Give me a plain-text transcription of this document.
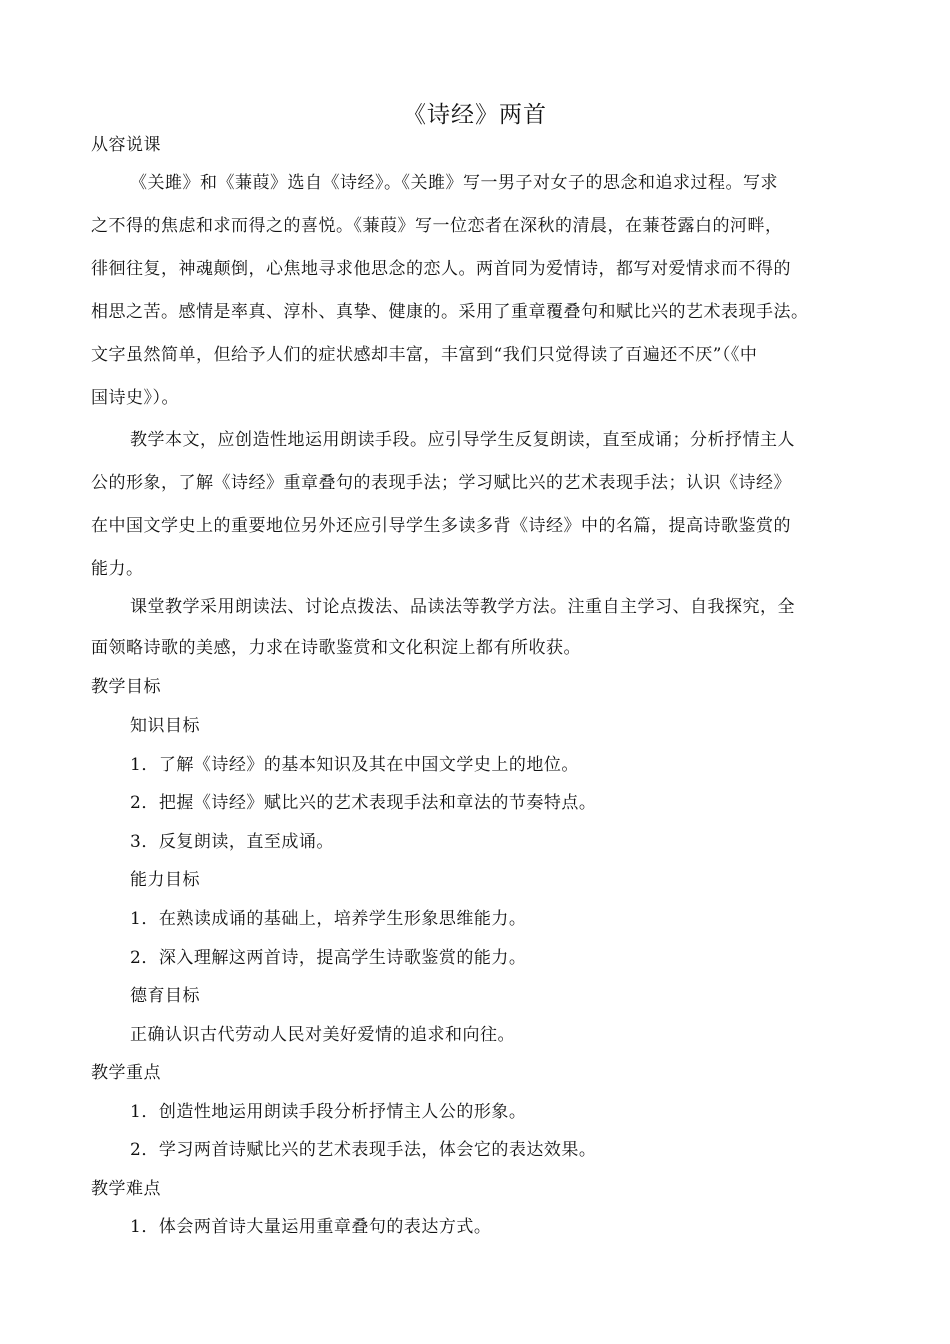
《诗经》两首
从容说课
《关雎》和《蒹葭》选自《诗经》。《关雎》写一男子对女子的思念和追求过程。写求
之不得的焦虑和求而得之的喜悦。《蒹葭》写一位恋者在深秋的清晨，在蒹苍露白的河畔，
徘徊往复，神魂颠倒，心焦地寻求他思念的恋人。两首同为爱情诗，都写对爱情求而不得的
相思之苦。感情是率真、淳朴、真挚、健康的。采用了重章覆叠句和赋比兴的艺术表现手法。
文字虽然简单，但给予人们的症状感却丰富，丰富到“我们只觉得读了百遍还不厌”（《中
国诗史》）。
教学本文，应创造性地运用朗读手段。应引导学生反复朗读，直至成诵；分析抒情主人
公的形象，了解《诗经》重章叠句的表现手法；学习赋比兴的艺术表现手法；认识《诗经》
在中国文学史上的重要地位另外还应引导学生多读多背《诗经》中的名篇，提高诗歌鉴赏的
能力。
课堂教学采用朗读法、讨论点拨法、品读法等教学方法。注重自主学习、自我探究，全
面领略诗歌的美感，力求在诗歌鉴赏和文化积淀上都有所收获。
教学目标
知识目标
1．了解《诗经》的基本知识及其在中国文学史上的地位。
2．把握《诗经》赋比兴的艺术表现手法和章法的节奏特点。
3．反复朗读，直至成诵。
能力目标
1．在熟读成诵的基础上，培养学生形象思维能力。
2．深入理解这两首诗，提高学生诗歌鉴赏的能力。
德育目标
正确认识古代劳动人民对美好爱情的追求和向往。
教学重点
1．创造性地运用朗读手段分析抒情主人公的形象。
2．学习两首诗赋比兴的艺术表现手法，体会它的表达效果。
教学难点
1．体会两首诗大量运用重章叠句的表达方式。
